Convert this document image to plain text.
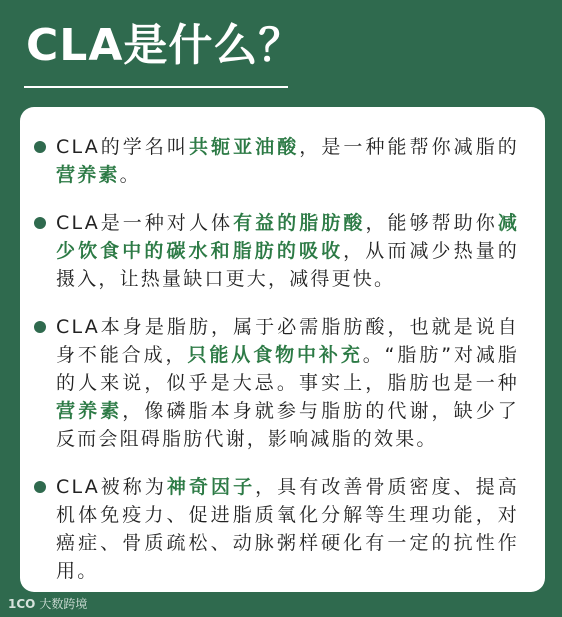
CLA是什么？
CLA的学名叫共轭亚油酸，是一种能帮你减脂的营养素。
CLA是一种对人体有益的脂肪酸，能够帮助你减少饮食中的碳水和脂肪的吸收，从而减少热量的摄入，让热量缺口更大，减得更快。
CLA本身是脂肪，属于必需脂肪酸，也就是说自身不能合成，只能从食物中补充。“脂肪”对减脂的人来说，似乎是大忌。事实上，脂肪也是一种营养素，像磷脂本身就参与脂肪的代谢，缺少了反而会阻碍脂肪代谢，影响减脂的效果。
CLA被称为神奇因子，具有改善骨质密度、提高机体免疫力、促进脂质氧化分解等生理功能，对癌症、骨质疏松、动脉粥样硬化有一定的抗性作用。
1CO 大数跨境
